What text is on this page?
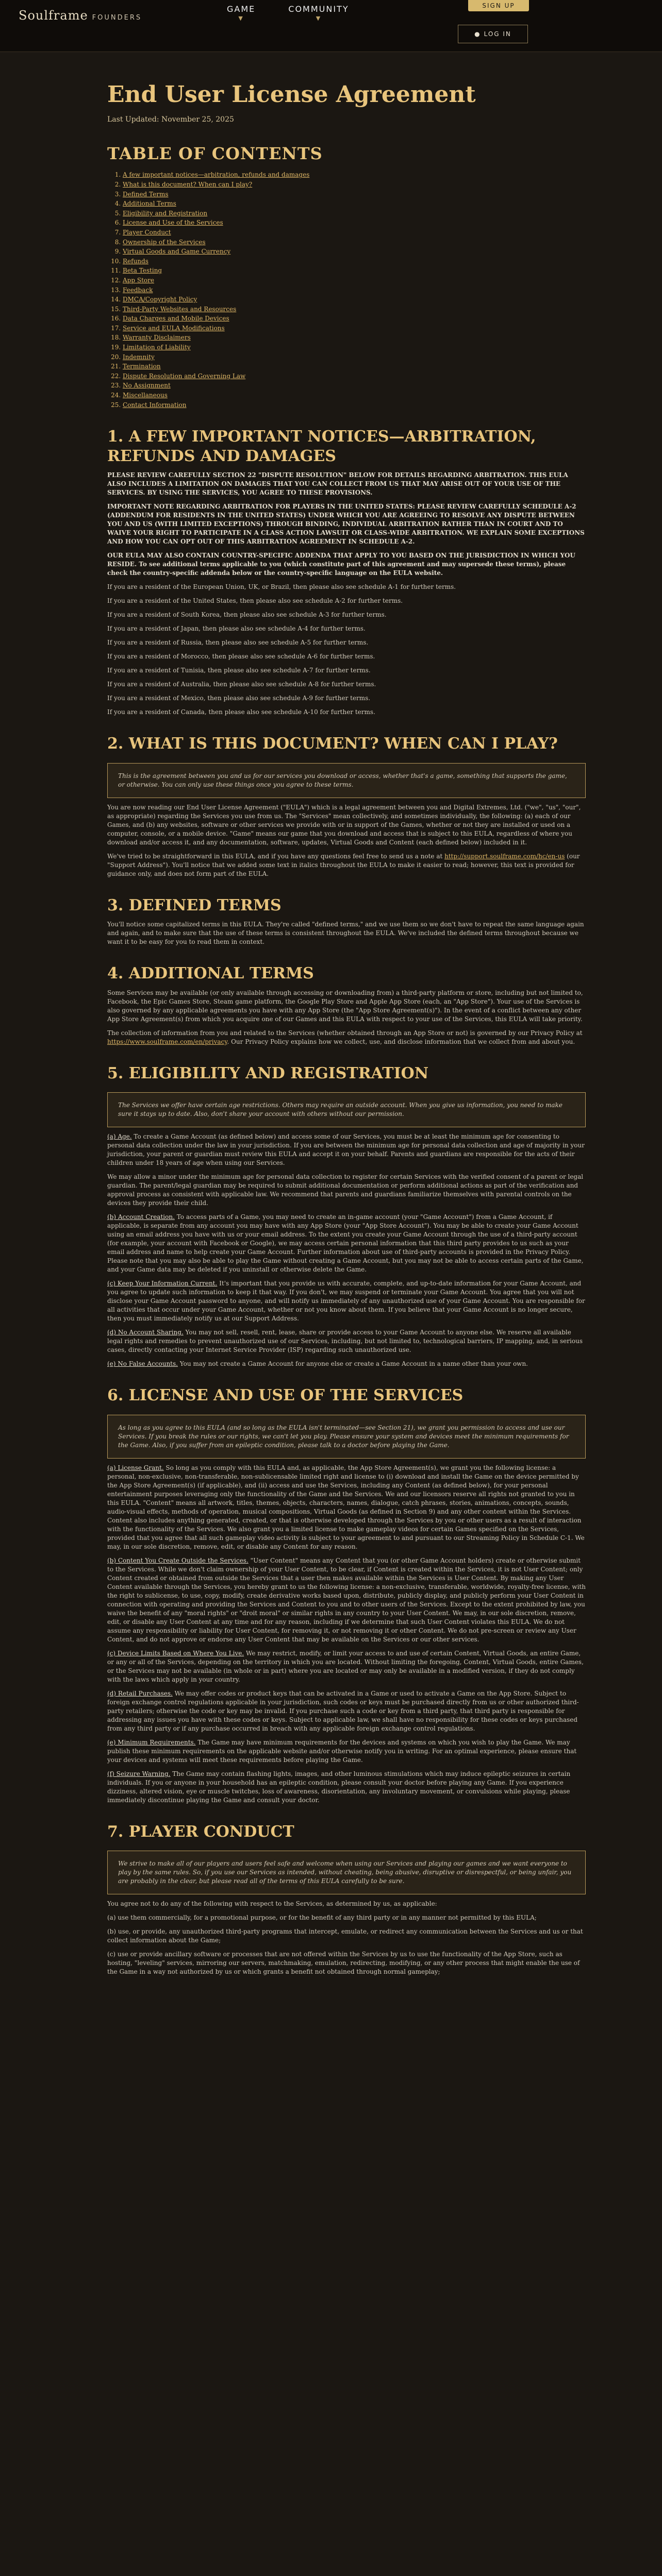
Soulframe FOUNDERS
GAME
▼
COMMUNITY
▼
SIGN UP
● LOG IN
End User License Agreement
Last Updated: November 25, 2025
TABLE OF CONTENTS
1. A few important notices—arbitration, refunds and damages
2. What is this document? When can I play?
3. Defined Terms
4. Additional Terms
5. Eligibility and Registration
6. License and Use of the Services
7. Player Conduct
8. Ownership of the Services
9. Virtual Goods and Game Currency
10. Refunds
11. Beta Testing
12. App Store
13. Feedback
14. DMCA/Copyright Policy
15. Third-Party Websites and Resources
16. Data Charges and Mobile Devices
17. Service and EULA Modifications
18. Warranty Disclaimers
19. Limitation of Liability
20. Indemnity
21. Termination
22. Dispute Resolution and Governing Law
23. No Assignment
24. Miscellaneous
25. Contact Information
1. A FEW IMPORTANT NOTICES—ARBITRATION, REFUNDS AND DAMAGES

PLEASE REVIEW CAREFULLY SECTION 22 "DISPUTE RESOLUTION" BELOW FOR DETAILS REGARDING ARBITRATION. THIS EULA ALSO INCLUDES A LIMITATION ON DAMAGES THAT YOU CAN COLLECT FROM US THAT MAY ARISE OUT OF YOUR USE OF THE SERVICES. BY USING THE SERVICES, YOU AGREE TO THESE PROVISIONS.

IMPORTANT NOTE REGARDING ARBITRATION FOR PLAYERS IN THE UNITED STATES: PLEASE REVIEW CAREFULLY SCHEDULE A-2 (ADDENDUM FOR RESIDENTS IN THE UNITED STATES) UNDER WHICH YOU ARE AGREEING TO RESOLVE ANY DISPUTE BETWEEN YOU AND US (WITH LIMITED EXCEPTIONS) THROUGH BINDING, INDIVIDUAL ARBITRATION RATHER THAN IN COURT AND TO WAIVE YOUR RIGHT TO PARTICIPATE IN A CLASS ACTION LAWSUIT OR CLASS-WIDE ARBITRATION. WE EXPLAIN SOME EXCEPTIONS AND HOW YOU CAN OPT OUT OF THIS ARBITRATION AGREEMENT IN SCHEDULE A-2.

OUR EULA MAY ALSO CONTAIN COUNTRY-SPECIFIC ADDENDA THAT APPLY TO YOU BASED ON THE JURISDICTION IN WHICH YOU RESIDE. To see additional terms applicable to you (which constitute part of this agreement and may supersede these terms), please check the country-specific addenda below or the country-specific language on the EULA website.

If you are a resident of the European Union, UK, or Brazil, then please also see schedule A-1 for further terms.

If you are a resident of the United States, then please also see schedule A-2 for further terms.

If you are a resident of South Korea, then please also see schedule A-3 for further terms.

If you are a resident of Japan, then please also see schedule A-4 for further terms.

If you are a resident of Russia, then please also see schedule A-5 for further terms.

If you are a resident of Morocco, then please also see schedule A-6 for further terms.

If you are a resident of Tunisia, then please also see schedule A-7 for further terms.

If you are a resident of Australia, then please also see schedule A-8 for further terms.

If you are a resident of Mexico, then please also see schedule A-9 for further terms.

If you are a resident of Canada, then please also see schedule A-10 for further terms.

2. WHAT IS THIS DOCUMENT? WHEN CAN I PLAY?
This is the agreement between you and us for our services you download or access, whether that's a game, something that supports the game, or otherwise. You can only use these things once you agree to these terms.

You are now reading our End User License Agreement ("EULA") which is a legal agreement between you and Digital Extremes, Ltd. ("we", "us", "our", as appropriate) regarding the Services you use from us. The "Services" mean collectively, and sometimes individually, the following: (a) each of our Games, and (b) any websites, software or other services we provide with or in support of the Games, whether or not they are installed or used on a computer, console, or a mobile device. "Game" means our game that you download and access that is subject to this EULA, regardless of where you download and/or access it, and any documentation, software, updates, Virtual Goods and Content (each defined below) included in it.

We've tried to be straightforward in this EULA, and if you have any questions feel free to send us a note at http://support.soulframe.com/hc/en-us (our "Support Address"). You'll notice that we added some text in italics throughout the EULA to make it easier to read; however, this text is provided for guidance only, and does not form part of the EULA.

3. DEFINED TERMS

You'll notice some capitalized terms in this EULA. They're called "defined terms," and we use them so we don't have to repeat the same language again and again, and to make sure that the use of these terms is consistent throughout the EULA. We've included the defined terms throughout because we want it to be easy for you to read them in context.

4. ADDITIONAL TERMS

Some Services may be available (or only available through accessing or downloading from) a third-party platform or store, including but not limited to, Facebook, the Epic Games Store, Steam game platform, the Google Play Store and Apple App Store (each, an "App Store"). Your use of the Services is also governed by any applicable agreements you have with any App Store (the "App Store Agreement(s)"). In the event of a conflict between any other App Store Agreement(s) from which you acquire one of our Games and this EULA with respect to your use of the Services, this EULA will take priority.

The collection of information from you and related to the Services (whether obtained through an App Store or not) is governed by our Privacy Policy at https://www.soulframe.com/en/privacy. Our Privacy Policy explains how we collect, use, and disclose information that we collect from and about you.

5. ELIGIBILITY AND REGISTRATION
The Services we offer have certain age restrictions. Others may require an outside account. When you give us information, you need to make sure it stays up to date. Also, don't share your account with others without our permission.

(a) Age. To create a Game Account (as defined below) and access some of our Services, you must be at least the minimum age for consenting to personal data collection under the law in your jurisdiction. If you are between the minimum age for personal data collection and age of majority in your jurisdiction, your parent or guardian must review this EULA and accept it on your behalf. Parents and guardians are responsible for the acts of their children under 18 years of age when using our Services.

We may allow a minor under the minimum age for personal data collection to register for certain Services with the verified consent of a parent or legal guardian. The parent/legal guardian may be required to submit additional documentation or perform additional actions as part of the verification and approval process as consistent with applicable law. We recommend that parents and guardians familiarize themselves with parental controls on the devices they provide their child.

(b) Account Creation. To access parts of a Game, you may need to create an in-game account (your "Game Account") from a Game Account, if applicable, is separate from any account you may have with any App Store (your "App Store Account"). You may be able to create your Game Account using an email address you have with us or your email address. To the extent you create your Game Account through the use of a third-party account (for example, your account with Facebook or Google), we may access certain personal information that this third party provides to us such as your email address and name to help create your Game Account. Further information about use of third-party accounts is provided in the Privacy Policy. Please note that you may also be able to play the Game without creating a Game Account, but you may not be able to access certain parts of the Game, and your Game data may be deleted if you uninstall or otherwise delete the Game.

(c) Keep Your Information Current. It's important that you provide us with accurate, complete, and up-to-date information for your Game Account, and you agree to update such information to keep it that way. If you don't, we may suspend or terminate your Game Account. You agree that you will not disclose your Game Account password to anyone, and will notify us immediately of any unauthorized use of your Game Account. You are responsible for all activities that occur under your Game Account, whether or not you know about them. If you believe that your Game Account is no longer secure, then you must immediately notify us at our Support Address.

(d) No Account Sharing. You may not sell, resell, rent, lease, share or provide access to your Game Account to anyone else. We reserve all available legal rights and remedies to prevent unauthorized use of our Services, including, but not limited to, technological barriers, IP mapping, and, in serious cases, directly contacting your Internet Service Provider (ISP) regarding such unauthorized use.

(e) No False Accounts. You may not create a Game Account for anyone else or create a Game Account in a name other than your own.

6. LICENSE AND USE OF THE SERVICES
As long as you agree to this EULA (and so long as the EULA isn't terminated—see Section 21), we grant you permission to access and use our Services. If you break the rules or our rights, we can't let you play. Please ensure your system and devices meet the minimum requirements for the Game. Also, if you suffer from an epileptic condition, please talk to a doctor before playing the Game.

(a) License Grant. So long as you comply with this EULA and, as applicable, the App Store Agreement(s), we grant you the following license: a personal, non-exclusive, non-transferable, non-sublicensable limited right and license to (i) download and install the Game on the device permitted by the App Store Agreement(s) (if applicable), and (ii) access and use the Services, including any Content (as defined below), for your personal entertainment purposes leveraging only the functionality of the Game and the Services. We and our licensors reserve all rights not granted to you in this EULA. "Content" means all artwork, titles, themes, objects, characters, names, dialogue, catch phrases, stories, animations, concepts, sounds, audio-visual effects, methods of operation, musical compositions, Virtual Goods (as defined in Section 9) and any other content within the Services. Content also includes anything generated, created, or that is otherwise developed through the Services by you or other users as a result of interaction with the functionality of the Services. We also grant you a limited license to make gameplay videos for certain Games specified on the Services, provided that you agree that all such gameplay video activity is subject to your agreement to and pursuant to our Streaming Policy in Schedule C-1. We may, in our sole discretion, remove, edit, or disable any Content for any reason.

(b) Content You Create Outside the Services. "User Content" means any Content that you (or other Game Account holders) create or otherwise submit to the Services. While we don't claim ownership of your User Content, to be clear, if Content is created within the Services, it is not User Content; only Content created or obtained from outside the Services that a user then makes available within the Services is User Content. By making any User Content available through the Services, you hereby grant to us the following license: a non-exclusive, transferable, worldwide, royalty-free license, with the right to sublicense, to use, copy, modify, create derivative works based upon, distribute, publicly display, and publicly perform your User Content in connection with operating and providing the Services and Content to you and to other users of the Services. Except to the extent prohibited by law, you waive the benefit of any "moral rights" or "droit moral" or similar rights in any country to your User Content. We may, in our sole discretion, remove, edit, or disable any User Content at any time and for any reason, including if we determine that such User Content violates this EULA. We do not assume any responsibility or liability for User Content, for removing it, or not removing it or other Content. We do not pre-screen or review any User Content, and do not approve or endorse any User Content that may be available on the Services or our other services.

(c) Device Limits Based on Where You Live. We may restrict, modify, or limit your access to and use of certain Content, Virtual Goods, an entire Game, or any or all of the Services, depending on the territory in which you are located. Without limiting the foregoing, Content, Virtual Goods, entire Games, or the Services may not be available (in whole or in part) where you are located or may only be available in a modified version, if they do not comply with the laws which apply in your country.

(d) Retail Purchases. We may offer codes or product keys that can be activated in a Game or used to activate a Game on the App Store. Subject to foreign exchange control regulations applicable in your jurisdiction, such codes or keys must be purchased directly from us or other authorized third-party retailers; otherwise the code or key may be invalid. If you purchase such a code or key from a third party, that third party is responsible for addressing any issues you have with these codes or keys. Subject to applicable law, we shall have no responsibility for these codes or keys purchased from any third party or if any purchase occurred in breach with any applicable foreign exchange control regulations.

(e) Minimum Requirements. The Game may have minimum requirements for the devices and systems on which you wish to play the Game. We may publish these minimum requirements on the applicable website and/or otherwise notify you in writing. For an optimal experience, please ensure that your devices and systems will meet these requirements before playing the Game.

(f) Seizure Warning. The Game may contain flashing lights, images, and other luminous stimulations which may induce epileptic seizures in certain individuals. If you or anyone in your household has an epileptic condition, please consult your doctor before playing any Game. If you experience dizziness, altered vision, eye or muscle twitches, loss of awareness, disorientation, any involuntary movement, or convulsions while playing, please immediately discontinue playing the Game and consult your doctor.

7. PLAYER CONDUCT
We strive to make all of our players and users feel safe and welcome when using our Services and playing our games and we want everyone to play by the same rules. So, if you use our Services as intended, without cheating, being abusive, disruptive or disrespectful, or being unfair, you are probably in the clear, but please read all of the terms of this EULA carefully to be sure.

You agree not to do any of the following with respect to the Services, as determined by us, as applicable:

(a) use them commercially, for a promotional purpose, or for the benefit of any third party or in any manner not permitted by this EULA;

(b) use, or provide, any unauthorized third-party programs that intercept, emulate, or redirect any communication between the Services and us or that collect information about the Game;

(c) use or provide ancillary software or processes that are not offered within the Services by us to use the functionality of the App Store, such as hosting, "leveling" services, mirroring our servers, matchmaking, emulation, redirecting, modifying, or any other process that might enable the use of the Game in a way not authorized by us or which grants a benefit not obtained through normal gameplay;
